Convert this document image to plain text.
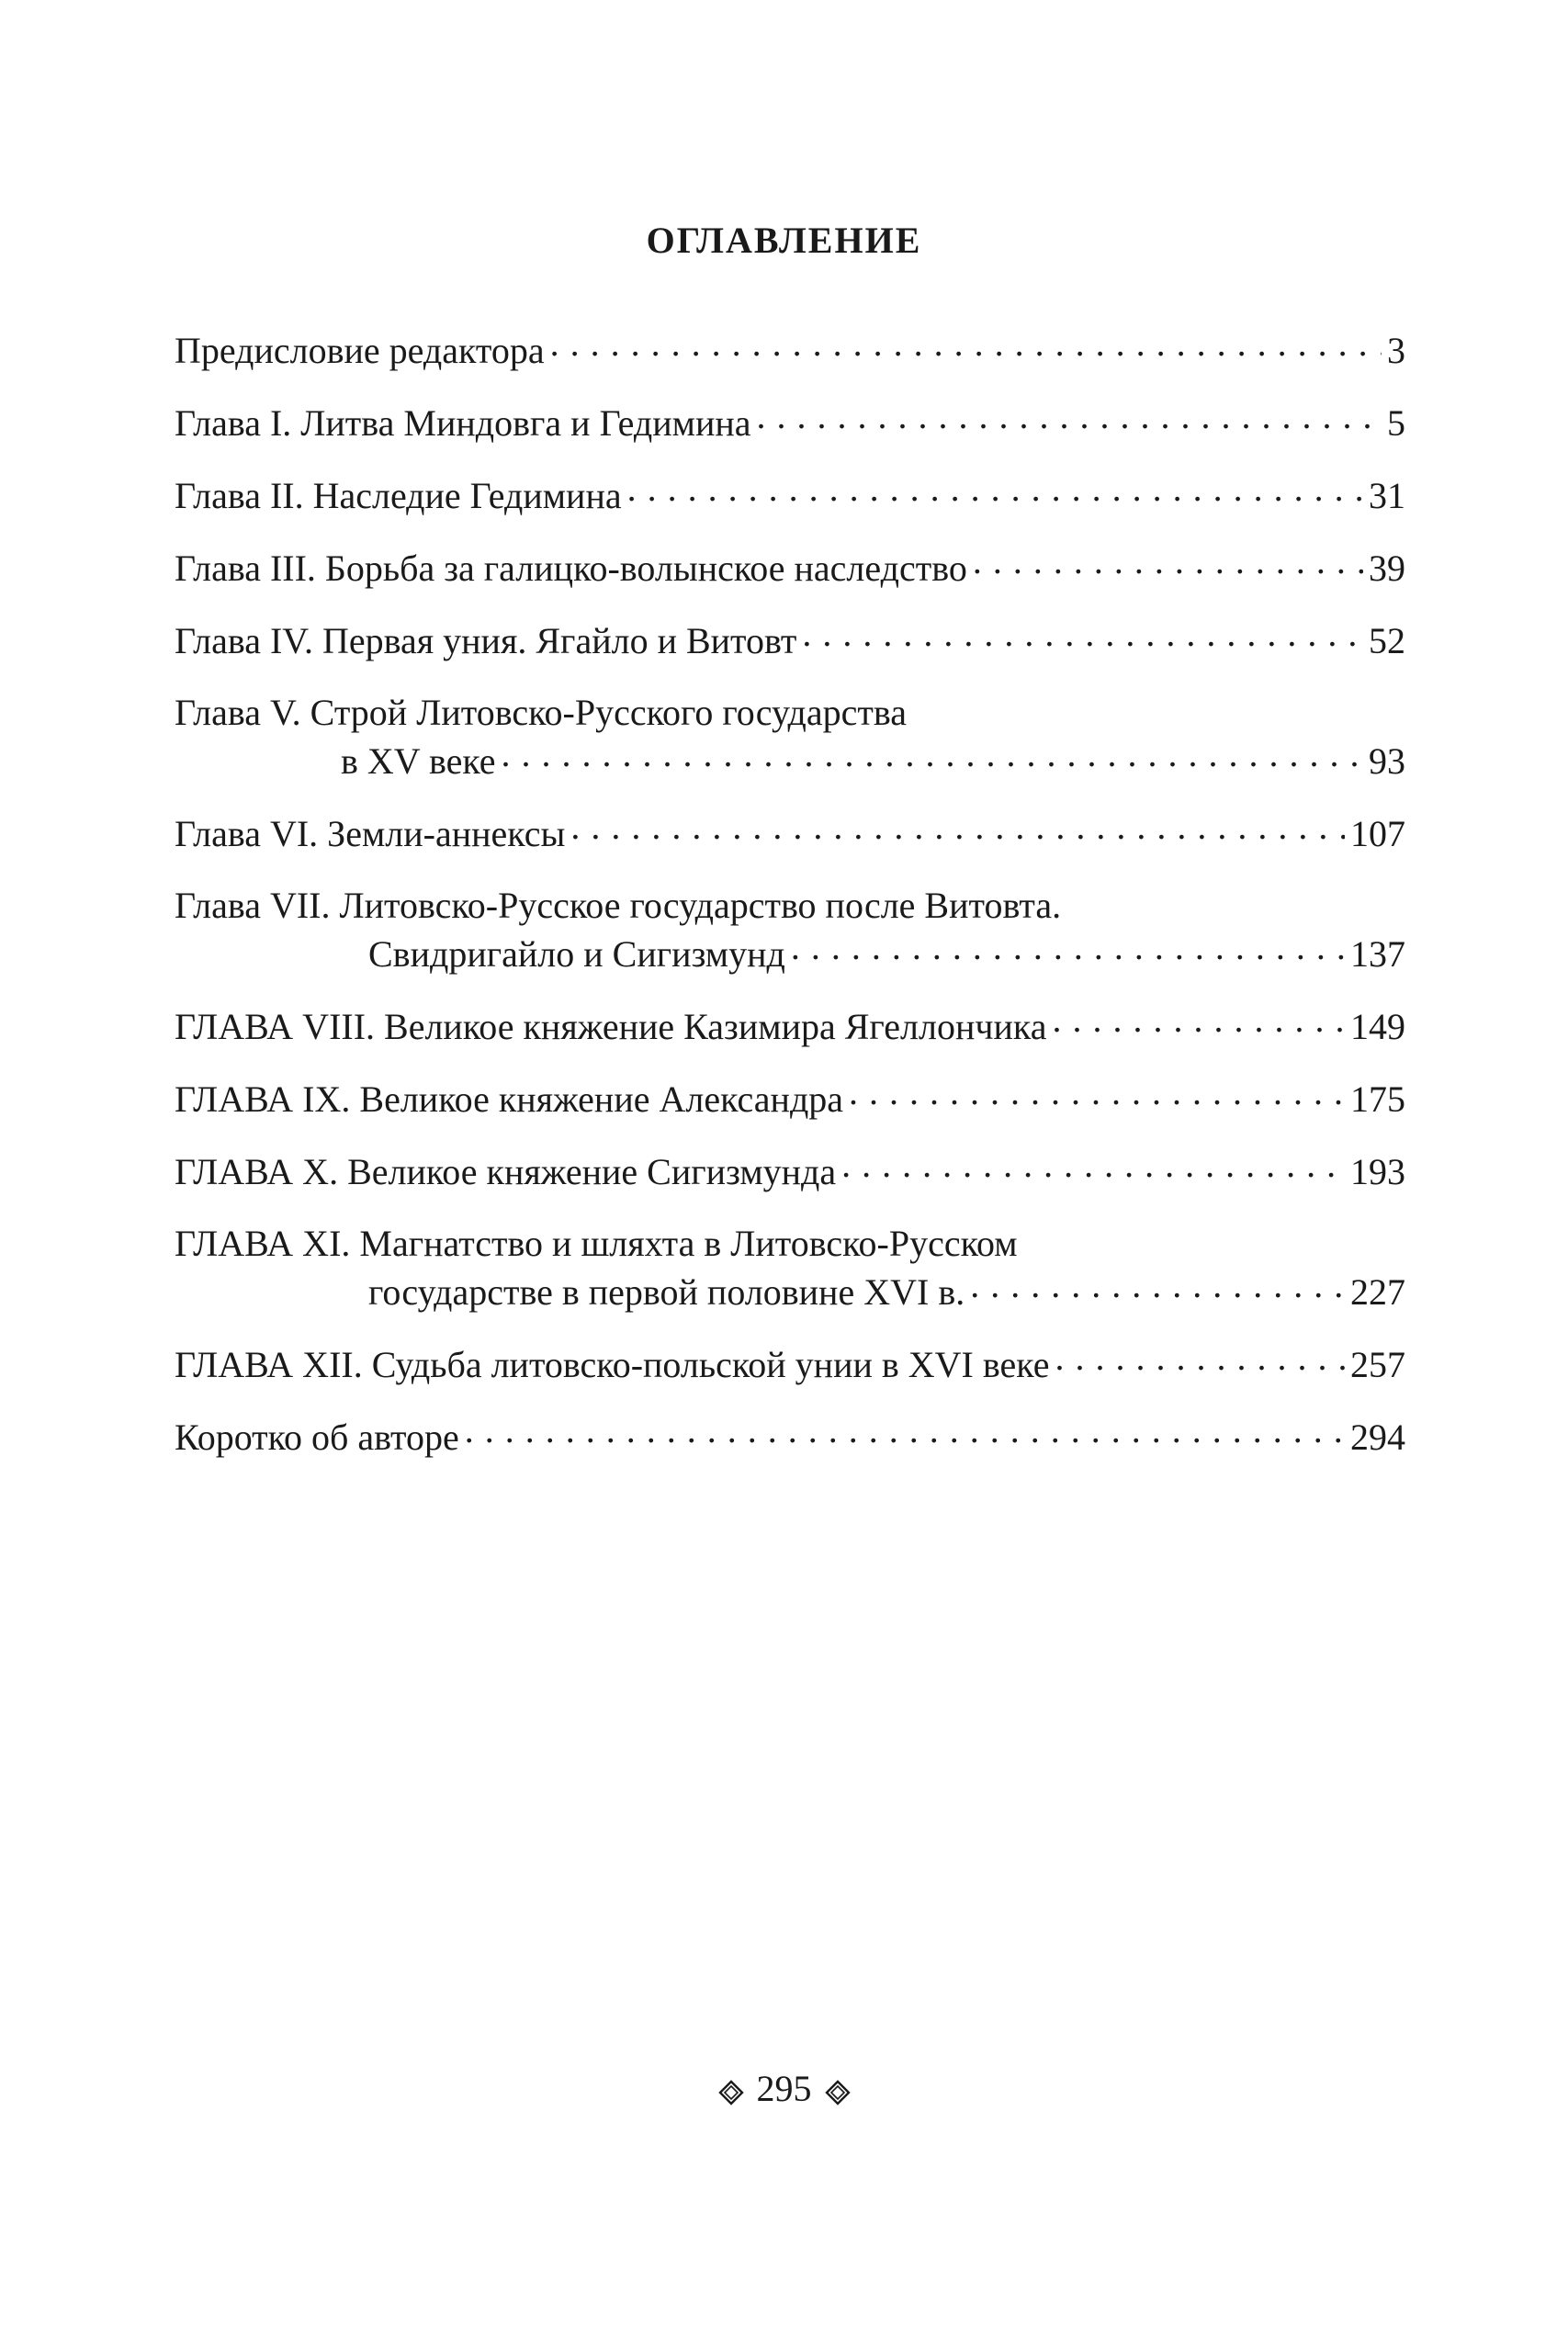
ОГЛАВЛЕНИЕ
Предисловие редактора . . .	3
Глава I. Литва Миндовга и Гедимина . . .	5
Глава II. Наследие Гедимина . . .	31
Глава III. Борьба за галицко-волынское наследство . . .	39
Глава IV. Первая уния. Ягайло и Витовт . . .	52
Глава V. Строй Литовско-Русского государства
в XV веке . . .	93
Глава VI. Земли-аннексы . . .	107
Глава VII. Литовско-Русское государство после Витовта.
Свидригайло и Сигизмунд . . .	137
ГЛАВА VIII. Великое княжение Казимира Ягеллончика . . .	149
ГЛАВА IX. Великое княжение Александра . . .	175
ГЛАВА X. Великое княжение Сигизмунда . . .	193
ГЛАВА XI. Магнатство и шляхта в Литовско-Русском
государстве в первой половине XVI в. . . .	227
ГЛАВА XII. Судьба литовско-польской унии в XVI веке . . .	257
Коротко об авторе . . .	294
295
